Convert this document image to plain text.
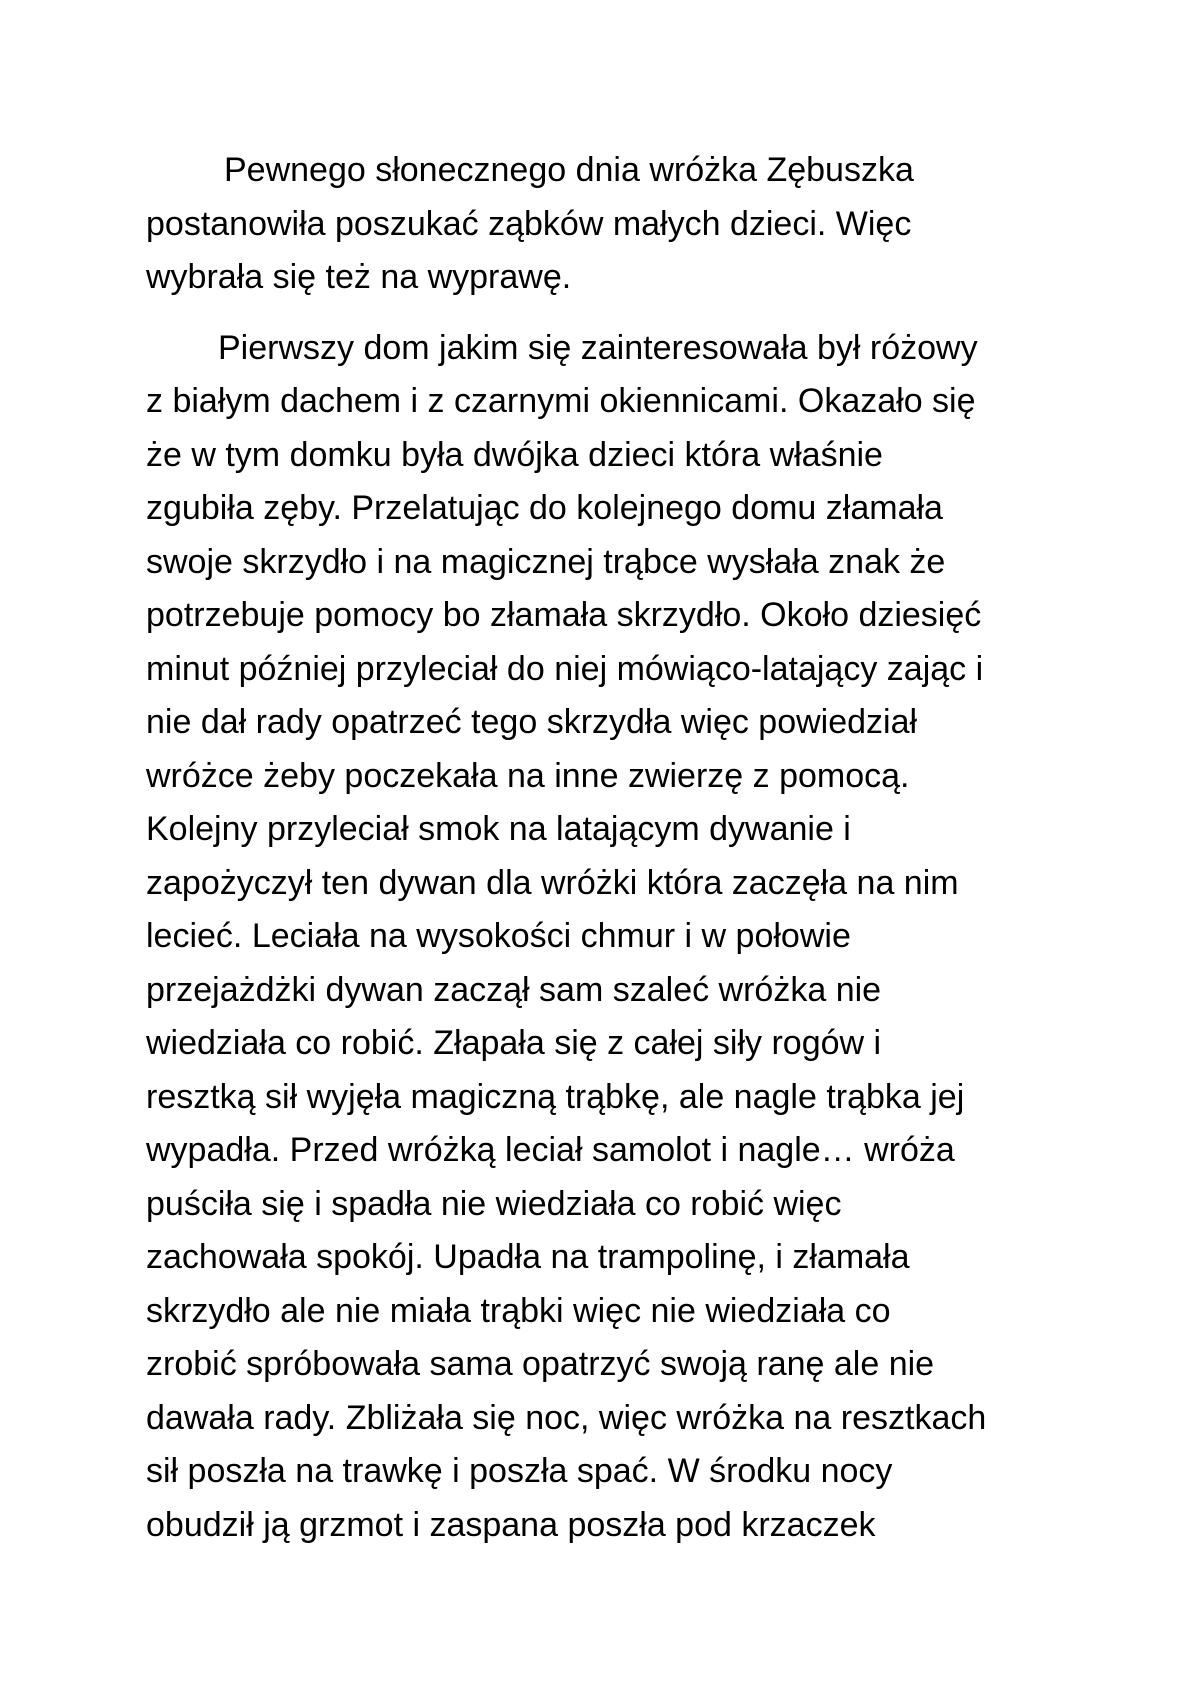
Pewnego słonecznego dnia wróżka Zębuszka
postanowiła poszukać ząbków małych dzieci. Więc
wybrała się też na wyprawę.

Pierwszy dom jakim się zainteresowała był różowy
z białym dachem i z czarnymi okiennicami. Okazało się
że w tym domku była dwójka dzieci która właśnie
zgubiła zęby. Przelatując do kolejnego domu złamała
swoje skrzydło i na magicznej trąbce wysłała znak że
potrzebuje pomocy bo złamała skrzydło. Około dziesięć
minut później przyleciał do niej mówiąco-latający zając i
nie dał rady opatrzeć tego skrzydła więc powiedział
wróżce żeby poczekała na inne zwierzę z pomocą.
Kolejny przyleciał smok na latającym dywanie i
zapożyczył ten dywan dla wróżki która zaczęła na nim
lecieć. Leciała na wysokości chmur i w połowie
przejażdżki dywan zaczął sam szaleć wróżka nie
wiedziała co robić. Złapała się z całej siły rogów i
resztką sił wyjęła magiczną trąbkę, ale nagle trąbka jej
wypadła. Przed wróżką leciał samolot i nagle… wróża
puściła się i spadła nie wiedziała co robić więc
zachowała spokój. Upadła na trampolinę, i złamała
skrzydło ale nie miała trąbki więc nie wiedziała co
zrobić spróbowała sama opatrzyć swoją ranę ale nie
dawała rady. Zbliżała się noc, więc wróżka na resztkach
sił poszła na trawkę i poszła spać. W środku nocy
obudził ją grzmot i zaspana poszła pod krzaczek
